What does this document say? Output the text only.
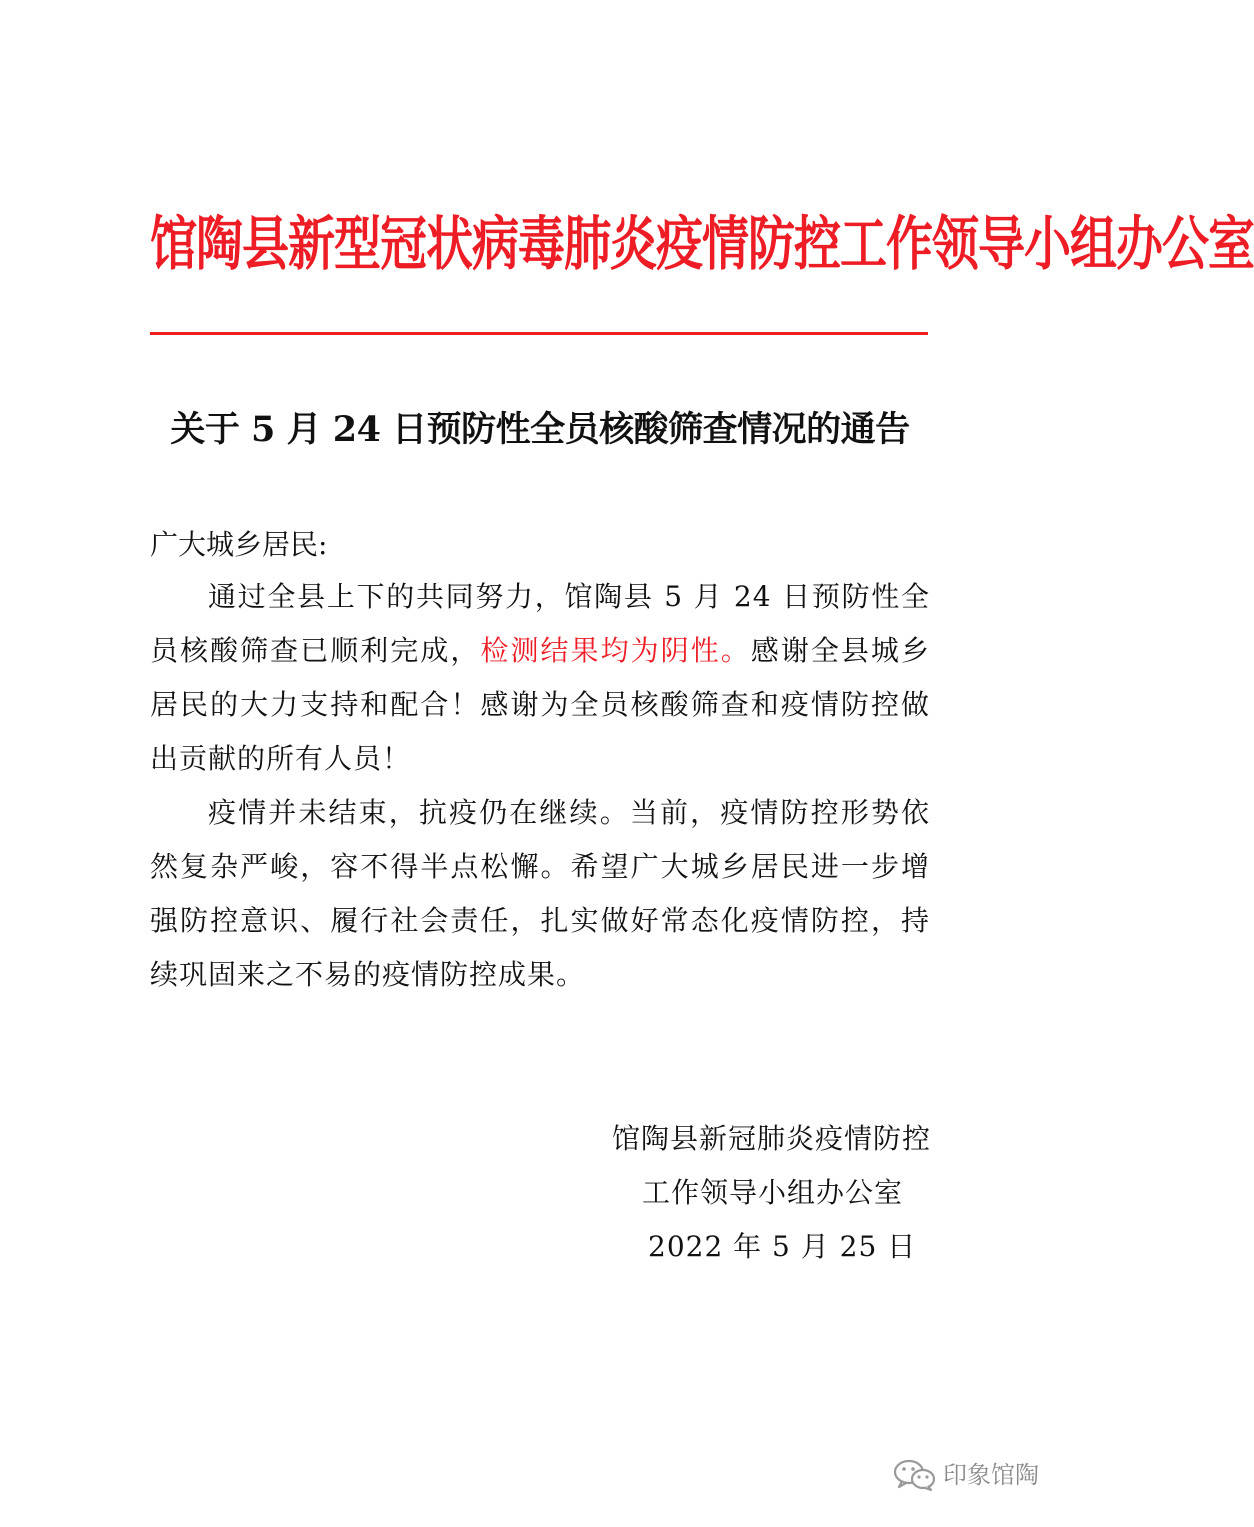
馆陶县新型冠状病毒肺炎疫情防控工作领导小组办公室
关于 5 月 24 日预防性全员核酸筛查情况的通告

广大城乡居民:

通过全县上下的共同努力，馆陶县 5 月 24 日预防性全员核酸筛查已顺利完成，检测结果均为阴性。感谢全县城乡居民的大力支持和配合！感谢为全员核酸筛查和疫情防控做出贡献的所有人员！

疫情并未结束，抗疫仍在继续。当前，疫情防控形势依然复杂严峻，容不得半点松懈。希望广大城乡居民进一步增强防控意识、履行社会责任，扎实做好常态化疫情防控，持续巩固来之不易的疫情防控成果。

馆陶县新冠肺炎疫情防控
工作领导小组办公室
2022 年 5 月 25 日
印象馆陶
